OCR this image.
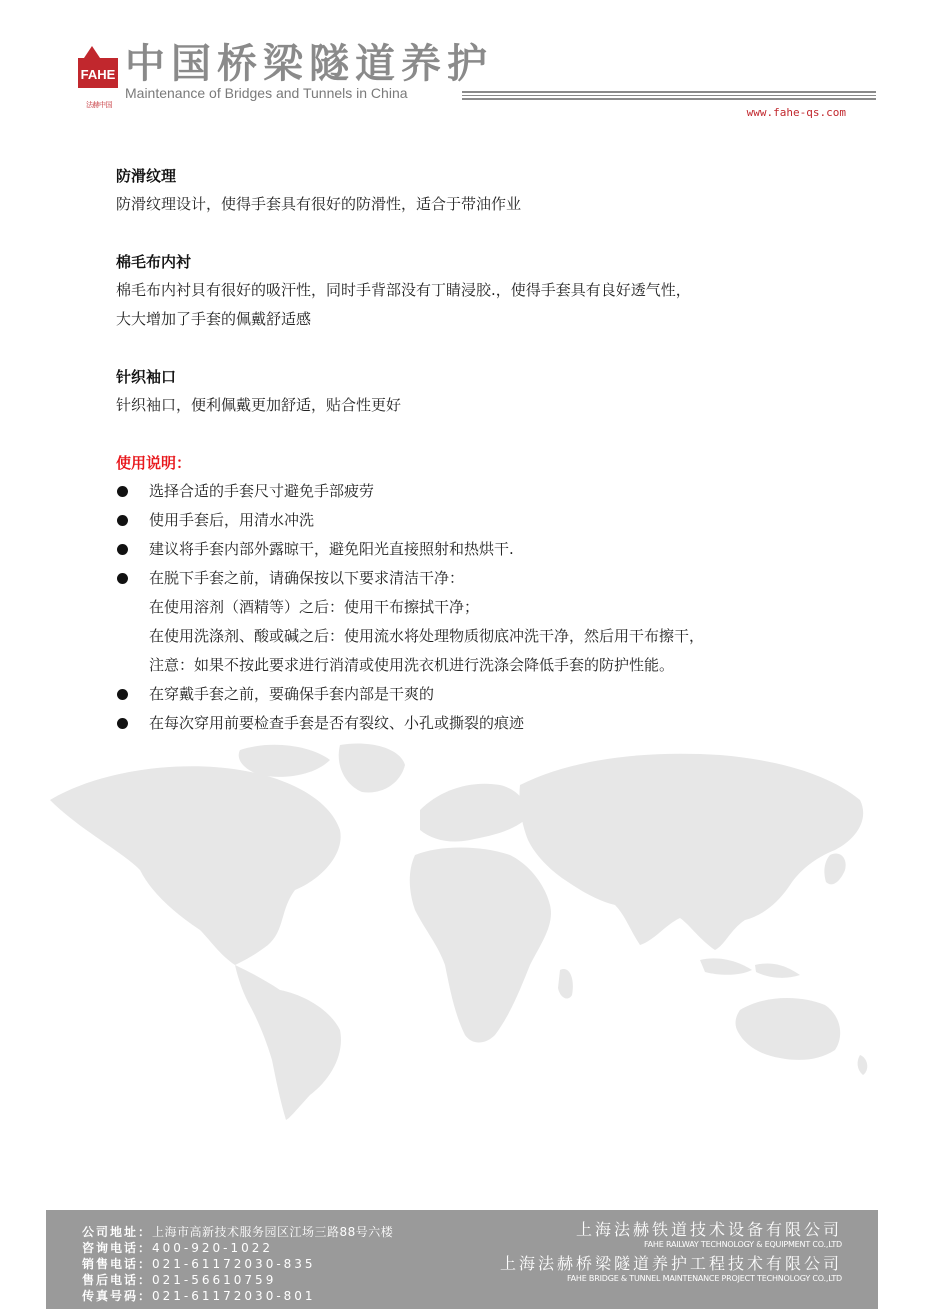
FAHE
法赫中国
中国桥梁隧道养护
Maintenance of Bridges and Tunnels in China
www.fahe-qs.com
防滑纹理
防滑纹理设计，使得手套具有很好的防滑性，适合于带油作业
棉毛布内衬
棉毛布内衬貝有很好的吸汗性，同时手背部没有丁睛浸胶.，使得手套具有良好透气性，
大大增加了手套的佩戴舒适感
针织袖口
针织袖口，便利佩戴更加舒适，贴合性更好
使用说明：
选择合适的手套尺寸避免手部疲劳
使用手套后，用清水冲洗
建议将手套内部外露晾干，避免阳光直接照射和热烘干.
在脱下手套之前，请确保按以下要求清洁干净：
在使用溶剂（酒精等）之后：使用干布擦拭干净；
在使用洗涤剂、酸或碱之后：使用流水将处理物质彻底冲洗干净，然后用干布擦干，
注意：如果不按此要求进行消清或使用洗衣机进行洗涤会降低手套的防护性能。
在穿戴手套之前，要确保手套内部是干爽的
在每次穿用前要检查手套是否有裂纹、小孔或撕裂的痕迹
公司地址：上海市高新技术服务园区江场三路88号六楼
咨询电话：400-920-1022
销售电话：021-61172030-835
售后电话：021-56610759
传真号码：021-61172030-801
上海法赫铁道技术设备有限公司
FAHE RAILWAY TECHNOLOGY & EQUIPMENT CO.,LTD
上海法赫桥梁隧道养护工程技术有限公司
FAHE BRIDGE & TUNNEL MAINTENANCE PROJECT TECHNOLOGY CO.,LTD
